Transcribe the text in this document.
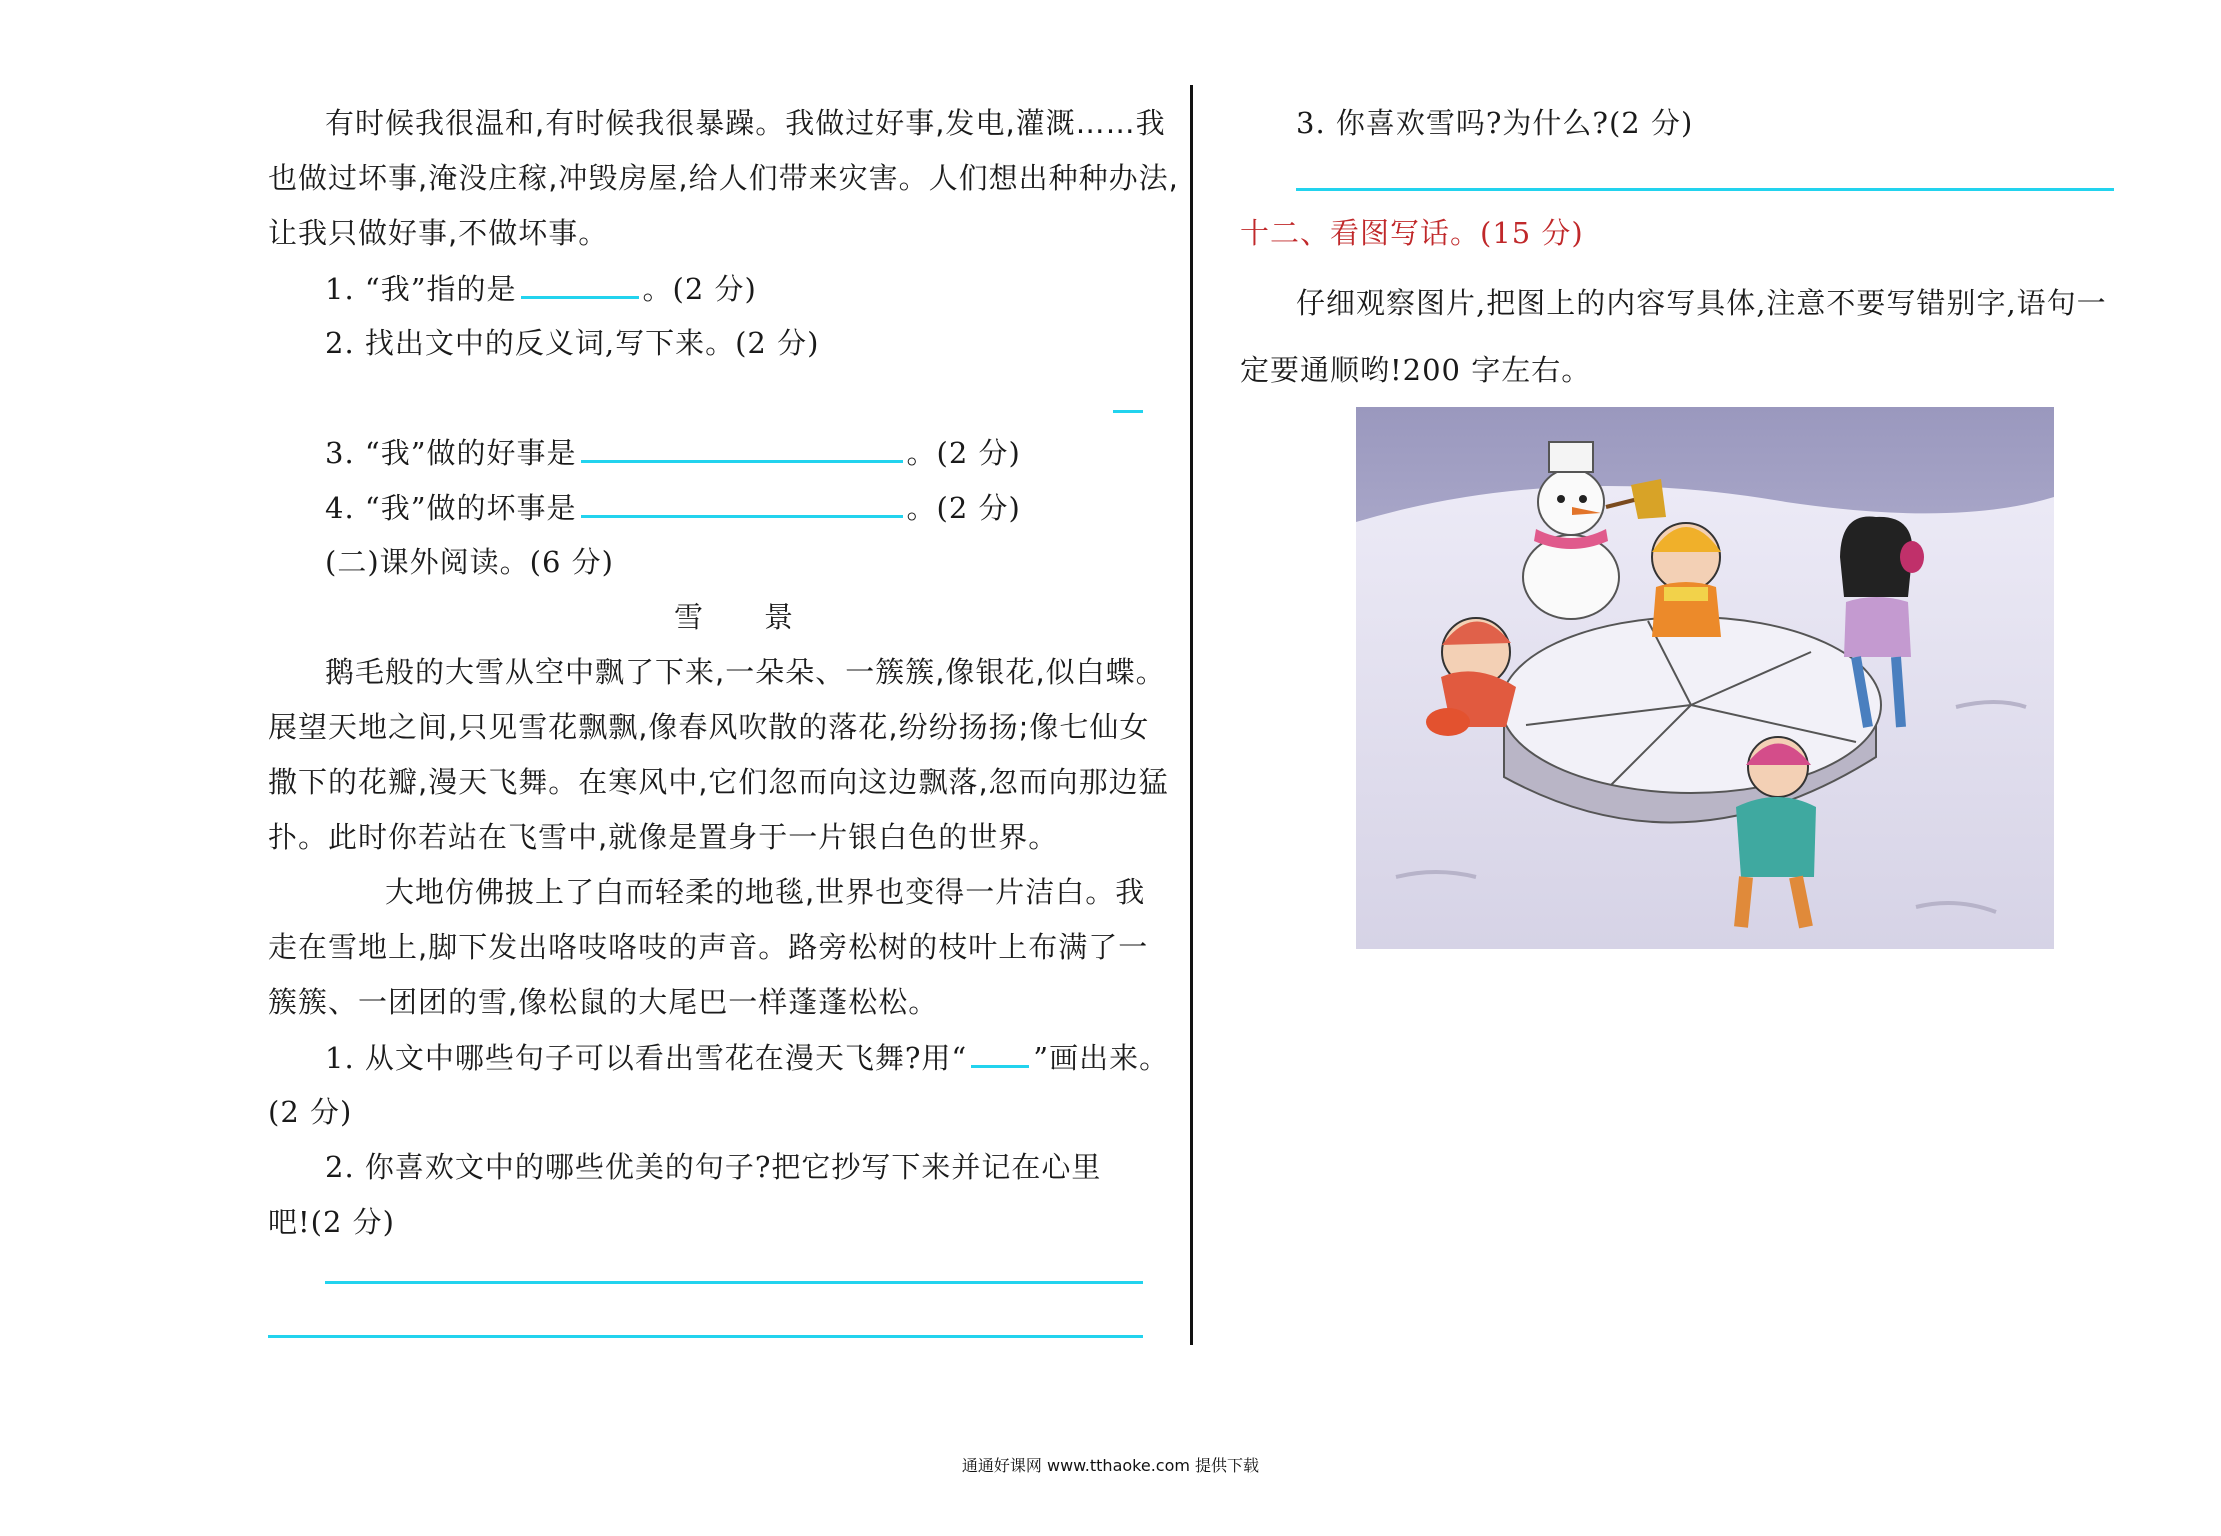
有时候我很温和,有时候我很暴躁。我做过好事,发电,灌溉……我
也做过坏事,淹没庄稼,冲毁房屋,给人们带来灾害。人们想出种种办法,
让我只做好事,不做坏事。
1. “我”指的是	。(2 分)
2. 找出文中的反义词,写下来。(2 分)
3. “我”做的好事是	。(2 分)
4. “我”做的坏事是	。(2 分)
(二)课外阅读。(6 分)
雪　　景
鹅毛般的大雪从空中飘了下来,一朵朵、一簇簇,像银花,似白蝶。
展望天地之间,只见雪花飘飘,像春风吹散的落花,纷纷扬扬;像七仙女
撒下的花瓣,漫天飞舞。在寒风中,它们忽而向这边飘落,忽而向那边猛
扑。此时你若站在飞雪中,就像是置身于一片银白色的世界。
大地仿佛披上了白而轻柔的地毯,世界也变得一片洁白。我
走在雪地上,脚下发出咯吱咯吱的声音。路旁松树的枝叶上布满了一
簇簇、一团团的雪,像松鼠的大尾巴一样蓬蓬松松。
1. 从文中哪些句子可以看出雪花在漫天飞舞?用“ ”画出来。
(2 分)
2. 你喜欢文中的哪些优美的句子?把它抄写下来并记在心里
吧!(2 分)
3. 你喜欢雪吗?为什么?(2 分)
十二、看图写话。(15 分)
仔细观察图片,把图上的内容写具体,注意不要写错别字,语句一
定要通顺哟!200 字左右。
通通好课网 www.tthaoke.com 提供下载
